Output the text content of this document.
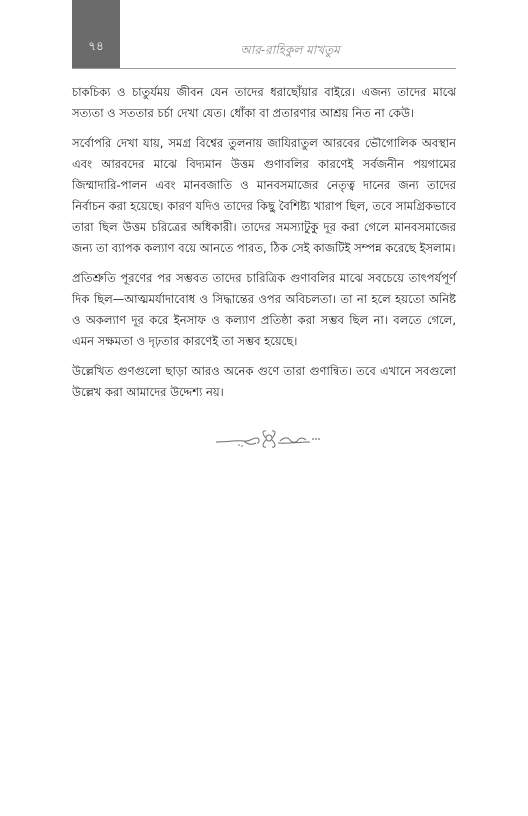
৭৪	আর-রাহিকুল মাখতুম

চাকচিক্য ও চাতুর্যময় জীবন যেন তাদের ধরাছোঁয়ার বাইরে। এজন্য তাদের মাঝে সত্যতা ও সততার চর্চা দেখা যেত। ধোঁকা বা প্রতারণার আশ্রয় নিত না কেউ।

সর্বোপরি দেখা যায়, সমগ্র বিশ্বের তুলনায় জাযিরাতুল আরবের ভৌগোলিক অবস্থান এবং আরবদের মাঝে বিদ্যমান উত্তম গুণাবলির কারণেই সর্বজনীন পয়গামের জিম্মাদারি-পালন এবং মানবজাতি ও মানবসমাজের নেতৃত্ব দানের জন্য তাদের নির্বাচন করা হয়েছে। কারণ যদিও তাদের কিছু বৈশিষ্ট্য খারাপ ছিল, তবে সামগ্রিকভাবে তারা ছিল উত্তম চরিত্রের অধিকারী। তাদের সমস্যাটুকু দূর করা গেলে মানবসমাজের জন্য তা ব্যাপক কল্যাণ বয়ে আনতে পারত, ঠিক সেই কাজটিই সম্পন্ন করেছে ইসলাম।

প্রতিশ্রুতি পূরণের পর সম্ভবত তাদের চারিত্রিক গুণাবলির মাঝে সবচেয়ে তাৎপর্যপূর্ণ দিক ছিল—আত্মমর্যাদাবোধ ও সিদ্ধান্তের ওপর অবিচলতা। তা না হলে হয়তো অনিষ্ট ও অকল্যাণ দূর করে ইনসাফ ও কল্যাণ প্রতিষ্ঠা করা সম্ভব ছিল না। বলতে গেলে, এমন সক্ষমতা ও দৃঢ়তার কারণেই তা সম্ভব হয়েছে।

উল্লেখিত গুণগুলো ছাড়া আরও অনেক গুণে তারা গুণান্বিত। তবে এখানে সবগুলো উল্লেখ করা আমাদের উদ্দেশ্য নয়।
